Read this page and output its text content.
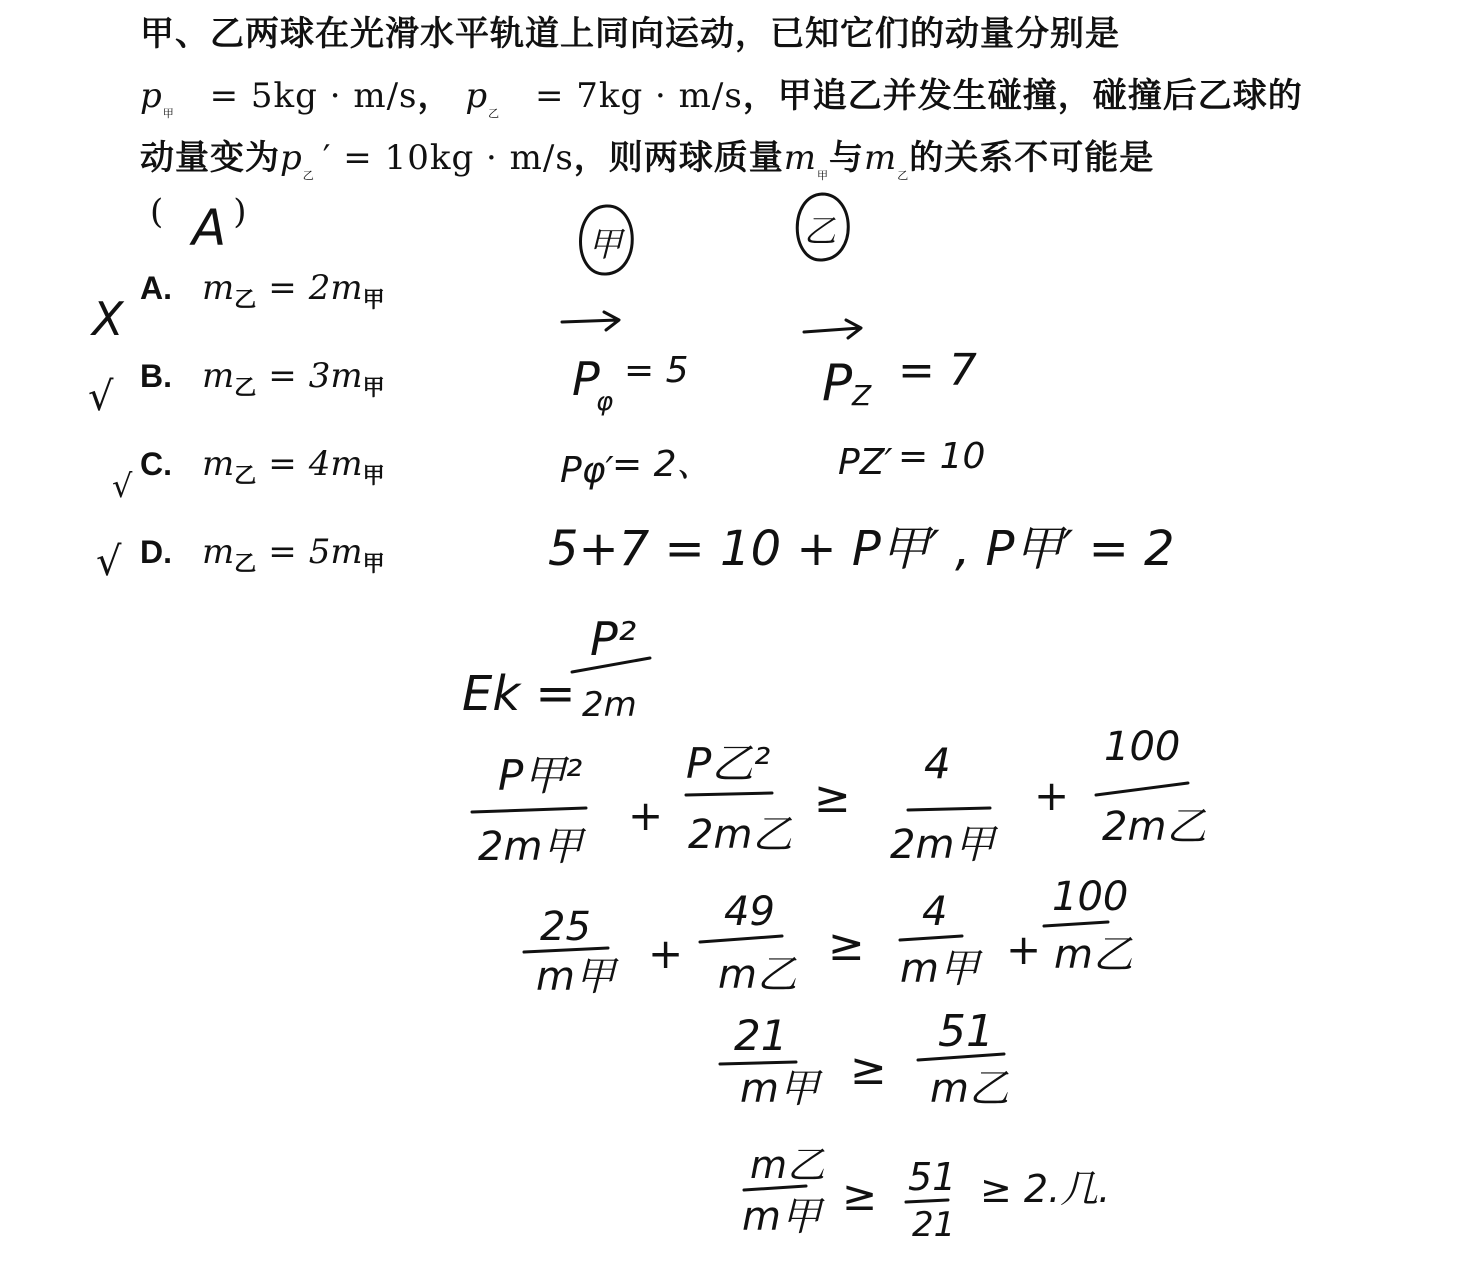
甲、乙两球在光滑水平轨道上同向运动，已知它们的动量分别是
$p_甲 = 5kg \cdot m/s$， $p_乙 = 7kg \cdot m/s$，甲追乙并发生碰撞，碰撞后乙球的
动量变为$p_乙$ ′ = 10kg · m/s，则两球质量$m_甲$与$m_乙$的关系不可能是
( )
A. $m_乙 = 2m_甲$
B. $m_乙 = 3m_甲$
C. $m_乙 = 4m_甲$
D. $m_乙 = 5m_甲$
A
X
√
√
√
甲	乙
P
φ
= 5	P Z = 7
Pφ′
= 2、	PZ′ = 10
5+7 = 10 + P甲′ , P甲′ = 2
Ek =
P²
2m
P甲²
2m甲
+
P乙²
2m乙
≥
4
2m甲
+
100
2m乙
25
m甲 +
49
m乙
≥
4
m甲 +
100
m乙
21
m甲 ≥
51
m乙
m乙
m甲 ≥ 51
21
≥ 2.几.
